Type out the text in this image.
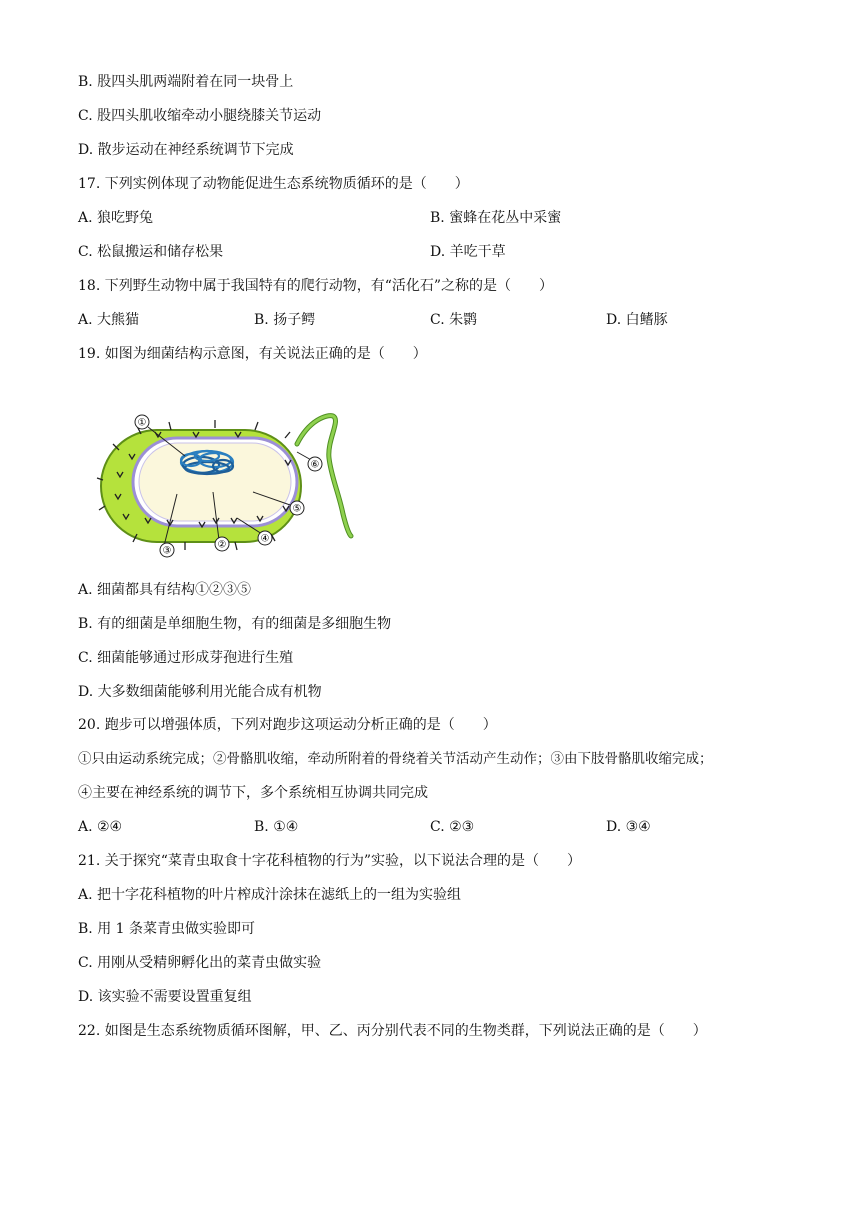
B. 股四头肌两端附着在同一块骨上
C. 股四头肌收缩牵动小腿绕膝关节运动
D. 散步运动在神经系统调节下完成
17. 下列实例体现了动物能促进生态系统物质循环的是（　　）
A. 狼吃野兔	B. 蜜蜂在花丛中采蜜
C. 松鼠搬运和储存松果	D. 羊吃干草
18. 下列野生动物中属于我国特有的爬行动物，有“活化石”之称的是（　　）
A. 大熊猫	B. 扬子鳄	C. 朱鹮	D. 白鳍豚
19. 如图为细菌结构示意图，有关说法正确的是（　　）
①
②
③
④
⑤
⑥
A. 细菌都具有结构①②③⑤
B. 有的细菌是单细胞生物，有的细菌是多细胞生物
C. 细菌能够通过形成芽孢进行生殖
D. 大多数细菌能够利用光能合成有机物
20. 跑步可以增强体质，下列对跑步这项运动分析正确的是（　　）
①只由运动系统完成；②骨骼肌收缩，牵动所附着的骨绕着关节活动产生动作；③由下肢骨骼肌收缩完成；
④主要在神经系统的调节下，多个系统相互协调共同完成
A. ②④	B. ①④	C. ②③	D. ③④
21. 关于探究“菜青虫取食十字花科植物的行为”实验，以下说法合理的是（　　）
A. 把十字花科植物的叶片榨成汁涂抹在滤纸上的一组为实验组
B. 用 1 条菜青虫做实验即可
C. 用刚从受精卵孵化出的菜青虫做实验
D. 该实验不需要设置重复组
22. 如图是生态系统物质循环图解，甲、乙、丙分别代表不同的生物类群，下列说法正确的是（　　）
